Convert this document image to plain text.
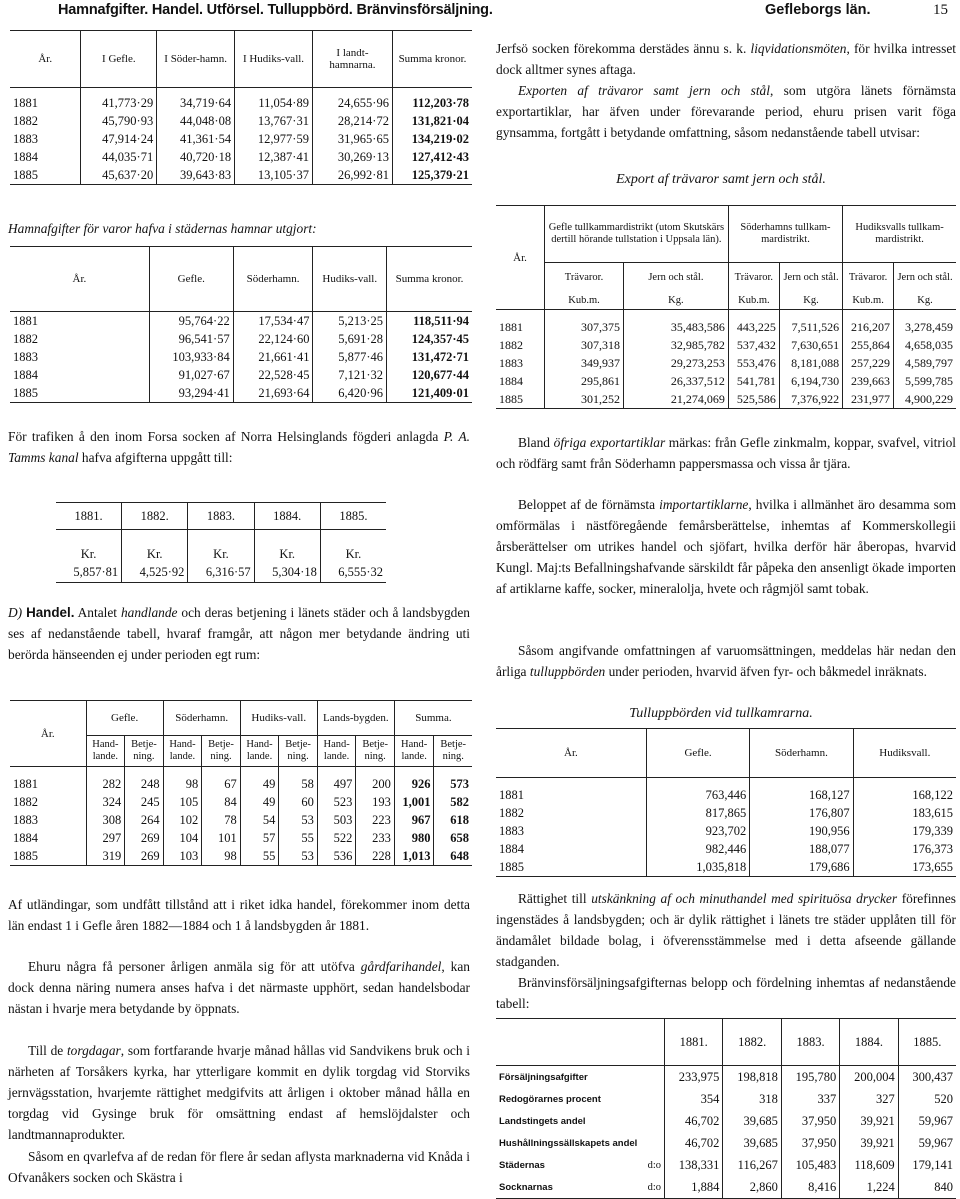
Hamnafgifter. Handel. Utförsel. Tulluppbörd. Bränvinsförsäljning.	Gefleborgs län.	15
År.	I Gefle.	I Söder-hamn.	I Hudiks-vall.	I landt-hamnarna.	Summa kronor.
1881	41,773·29	34,719·64	11,054·89	24,655·96	112,203·78
1882	45,790·93	44,048·08	13,767·31	28,214·72	131,821·04
1883	47,914·24	41,361·54	12,977·59	31,965·65	134,219·02
1884	44,035·71	40,720·18	12,387·41	30,269·13	127,412·43
1885	45,637·20	39,643·83	13,105·37	26,992·81	125,379·21

Hamnafgifter för varor hafva i städernas hamnar utgjort:

År.	Gefle.	Söderhamn.	Hudiks-vall.	Summa kronor.
1881	95,764·22	17,534·47	5,213·25	118,511·94
1882	96,541·57	22,124·60	5,691·28	124,357·45
1883	103,933·84	21,661·41	5,877·46	131,472·71
1884	91,027·67	22,528·45	7,121·32	120,677·44
1885	93,294·41	21,693·64	6,420·96	121,409·01

För trafiken å den inom Forsa socken af Norra Helsinglands fögderi anlagda P. A. Tamms kanal hafva afgifterna uppgått till:

1881.	1882.	1883.	1884.	1885.
Kr.	Kr.	Kr.	Kr.	Kr.
5,857·81	4,525·92	6,316·57	5,304·18	6,555·32

D) Handel. Antalet handlande och deras betjening i länets städer och å landsbygden ses af nedanstående tabell, hvaraf framgår, att någon mer betydande ändring uti berörda hänseenden ej under perioden egt rum:

År.	Gefle.		Söderhamn.		Hudiks-vall.		Lands-bygden.		Summa.	
	Hand-lande.	Betje-ning.	Hand-lande.	Betje-ning.	Hand-lande.	Betje-ning.	Hand-lande.	Betje-ning.	Hand-lande.	Betje-ning.
1881	282	248	98	67	49	58	497	200	926	573
1882	324	245	105	84	49	60	523	193	1,001	582
1883	308	264	102	78	54	53	503	223	967	618
1884	297	269	104	101	57	55	522	233	980	658
1885	319	269	103	98	55	53	536	228	1,013	648

Af utländingar, som undfått tillstånd att i riket idka handel, förekommer inom detta län endast 1 i Gefle åren 1882—1884 och 1 å landsbygden år 1881.

Ehuru några få personer årligen anmäla sig för att utöfva gårdfarihandel, kan dock denna näring numera anses hafva i det närmaste upphört, sedan handelsbodar nästan i hvarje mera betydande by öppnats.

Till de torgdagar, som fortfarande hvarje månad hållas vid Sandvikens bruk och i närheten af Torsåkers kyrka, har ytterligare kommit en dylik torgdag vid Storviks jernvägsstation, hvarjemte rättighet medgifvits att årligen i oktober månad hålla en torgdag vid Gysinge bruk för omsättning endast af hemslöjdalster och landtmannaprodukter.

Såsom en qvarlefva af de redan för flere år sedan aflysta marknaderna vid Knåda i Ofvanåkers socken och Skästra i

Jerfsö socken förekomma derstädes ännu s. k. liqvidationsmöten, för hvilka intresset dock alltmer synes aftaga.

Exporten af trävaror samt jern och stål, som utgöra länets förnämsta exportartiklar, har äfven under förevarande period, ehuru prisen varit föga gynsamma, fortgått i betydande omfattning, såsom nedanstående tabell utvisar:

Export af trävaror samt jern och stål.

År.	Gefle tullkammardistrikt (utom Skutskärs dertill hörande tullstation i Uppsala län).		Söderhamns tullkam-mardistrikt.		Hudiksvalls tullkam-mardistrikt.	
	Trävaror.	Jern och stål.	Trävaror.	Jern och stål.	Trävaror.	Jern och stål.
	Kub.m.	Kg.	Kub.m.	Kg.	Kub.m.	Kg.
1881	307,375	35,483,586	443,225	7,511,526	216,207	3,278,459
1882	307,318	32,985,782	537,432	7,630,651	255,864	4,658,035
1883	349,937	29,273,253	553,476	8,181,088	257,229	4,589,797
1884	295,861	26,337,512	541,781	6,194,730	239,663	5,599,785
1885	301,252	21,274,069	525,586	7,376,922	231,977	4,900,229

Bland öfriga exportartiklar märkas: från Gefle zinkmalm, koppar, svafvel, vitriol och rödfärg samt från Söderhamn pappersmassa och vissa år tjära.

Beloppet af de förnämsta importartiklarne, hvilka i allmänhet äro desamma som omförmälas i nästföregående femårsberättelse, inhemtas af Kommerskollegii årsberättelser om utrikes handel och sjöfart, hvilka derför här åberopas, hvarvid Kungl. Maj:ts Befallningshafvande särskildt får påpeka den ansenligt ökade importen af artiklarne kaffe, socker, mineralolja, hvete och rågmjöl samt tobak.

Såsom angifvande omfattningen af varuomsättningen, meddelas här nedan den årliga tulluppbörden under perioden, hvarvid äfven fyr- och båkmedel inräknats.

Tulluppbörden vid tullkamrarna.

År.	Gefle.	Söderhamn.	Hudiksvall.
1881	763,446	168,127	168,122
1882	817,865	176,807	183,615
1883	923,702	190,956	179,339
1884	982,446	188,077	176,373
1885	1,035,818	179,686	173,655

Rättighet till utskänkning af och minuthandel med spirituösa drycker förefinnes ingenstädes å landsbygden; och är dylik rättighet i länets tre städer upplåten till för ändamålet bildade bolag, i öfverensstämmelse med i detta afseende gällande stadganden.

Bränvinsförsäljningsafgifternas belopp och fördelning inhemtas af nedanstående tabell:

	1881.	1882.	1883.	1884.	1885.
Försäljningsafgifter	233,975	198,818	195,780	200,004	300,437
Redogörarnes procent	354	318	337	327	520
Landstingets andel	46,702	39,685	37,950	39,921	59,967
Hushållningssällskapets andel	46,702	39,685	37,950	39,921	59,967
Städernas d:o	138,331	116,267	105,483	118,609	179,141
Socknarnas d:o	1,884	2,860	8,416	1,224	840
